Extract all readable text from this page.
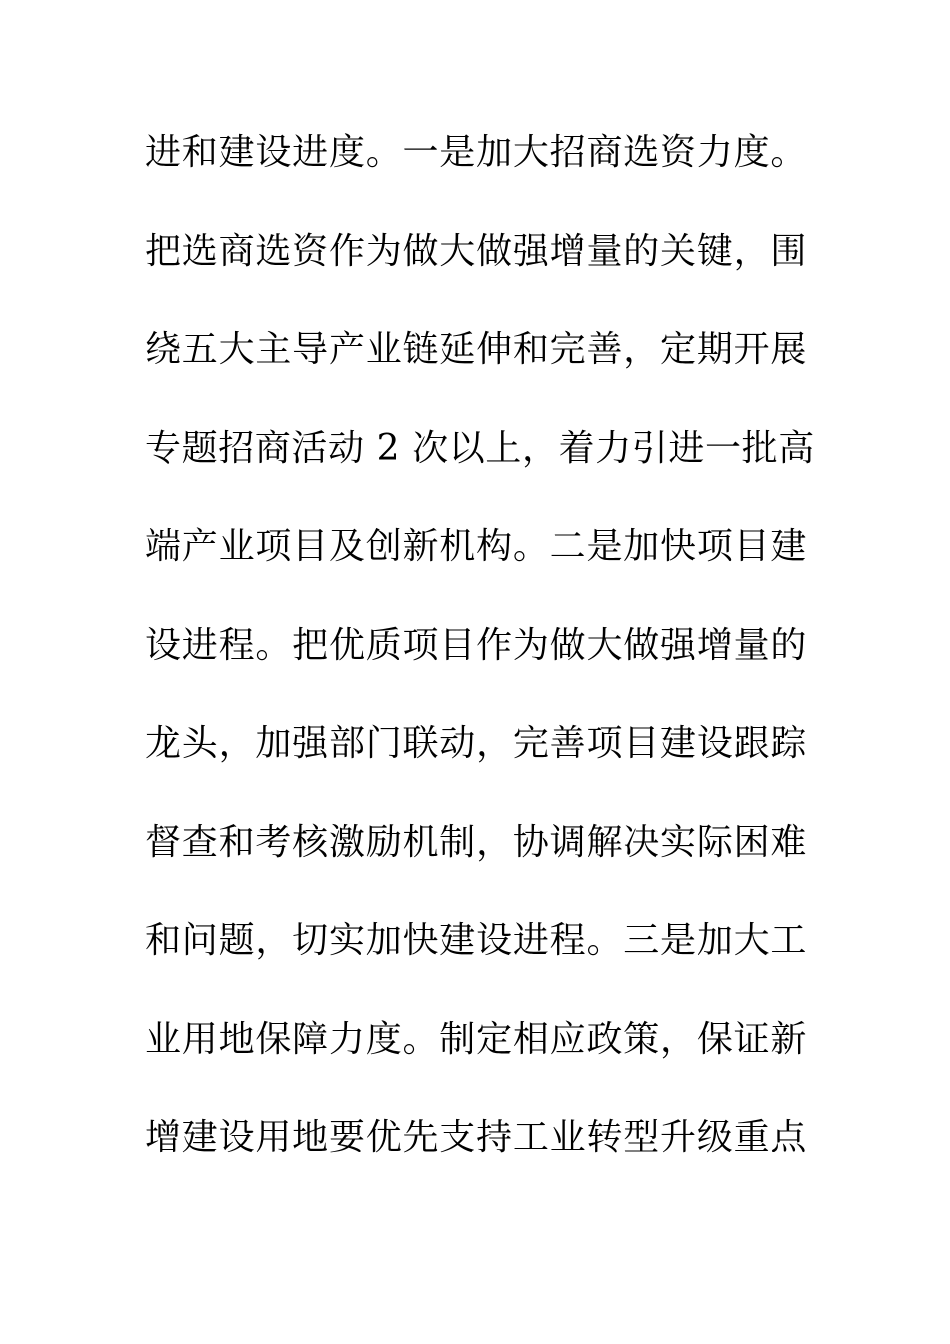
进和建设进度。一是加大招商选资力度。
把选商选资作为做大做强增量的关键，围
绕五大主导产业链延伸和完善，定期开展
专题招商活动 2 次以上，着力引进一批高
端产业项目及创新机构。二是加快项目建
设进程。把优质项目作为做大做强增量的
龙头，加强部门联动，完善项目建设跟踪
督查和考核激励机制，协调解决实际困难
和问题，切实加快建设进程。三是加大工
业用地保障力度。制定相应政策，保证新
增建设用地要优先支持工业转型升级重点
